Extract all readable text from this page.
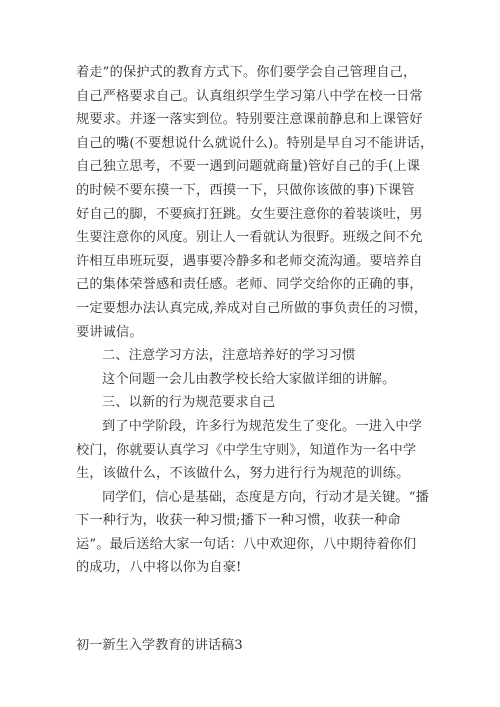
着走”的保护式的教育方式下。你们要学会自己管理自己，
自己严格要求自己。认真组织学生学习第八中学在校一日常
规要求。并逐一落实到位。特别要注意课前静息和上课管好
自己的嘴(不要想说什么就说什么)。特别是早自习不能讲话，
自己独立思考，不要一遇到问题就商量)管好自己的手(上课
的时候不要东摸一下，西摸一下，只做你该做的事)下课管
好自己的脚，不要疯打狂跳。女生要注意你的着装谈吐，男
生要注意你的风度。别让人一看就认为很野。班级之间不允
许相互串班玩耍，遇事要冷静多和老师交流沟通。要培养自
己的集体荣誉感和责任感。老师、同学交给你的正确的事，
一定要想办法认真完成,养成对自己所做的事负责任的习惯，
要讲诚信。
二、注意学习方法，注意培养好的学习习惯
这个问题一会儿由教学校长给大家做详细的讲解。
三、以新的行为规范要求自己
到了中学阶段，许多行为规范发生了变化。一进入中学
校门，你就要认真学习《中学生守则》，知道作为一名中学
生，该做什么，不该做什么，努力进行行为规范的训练。
同学们，信心是基础，态度是方向，行动才是关键。“播
下一种行为，收获一种习惯;播下一种习惯，收获一种命
运”。最后送给大家一句话：八中欢迎你，八中期待着你们
的成功，八中将以你为自豪!
初一新生入学教育的讲话稿3
